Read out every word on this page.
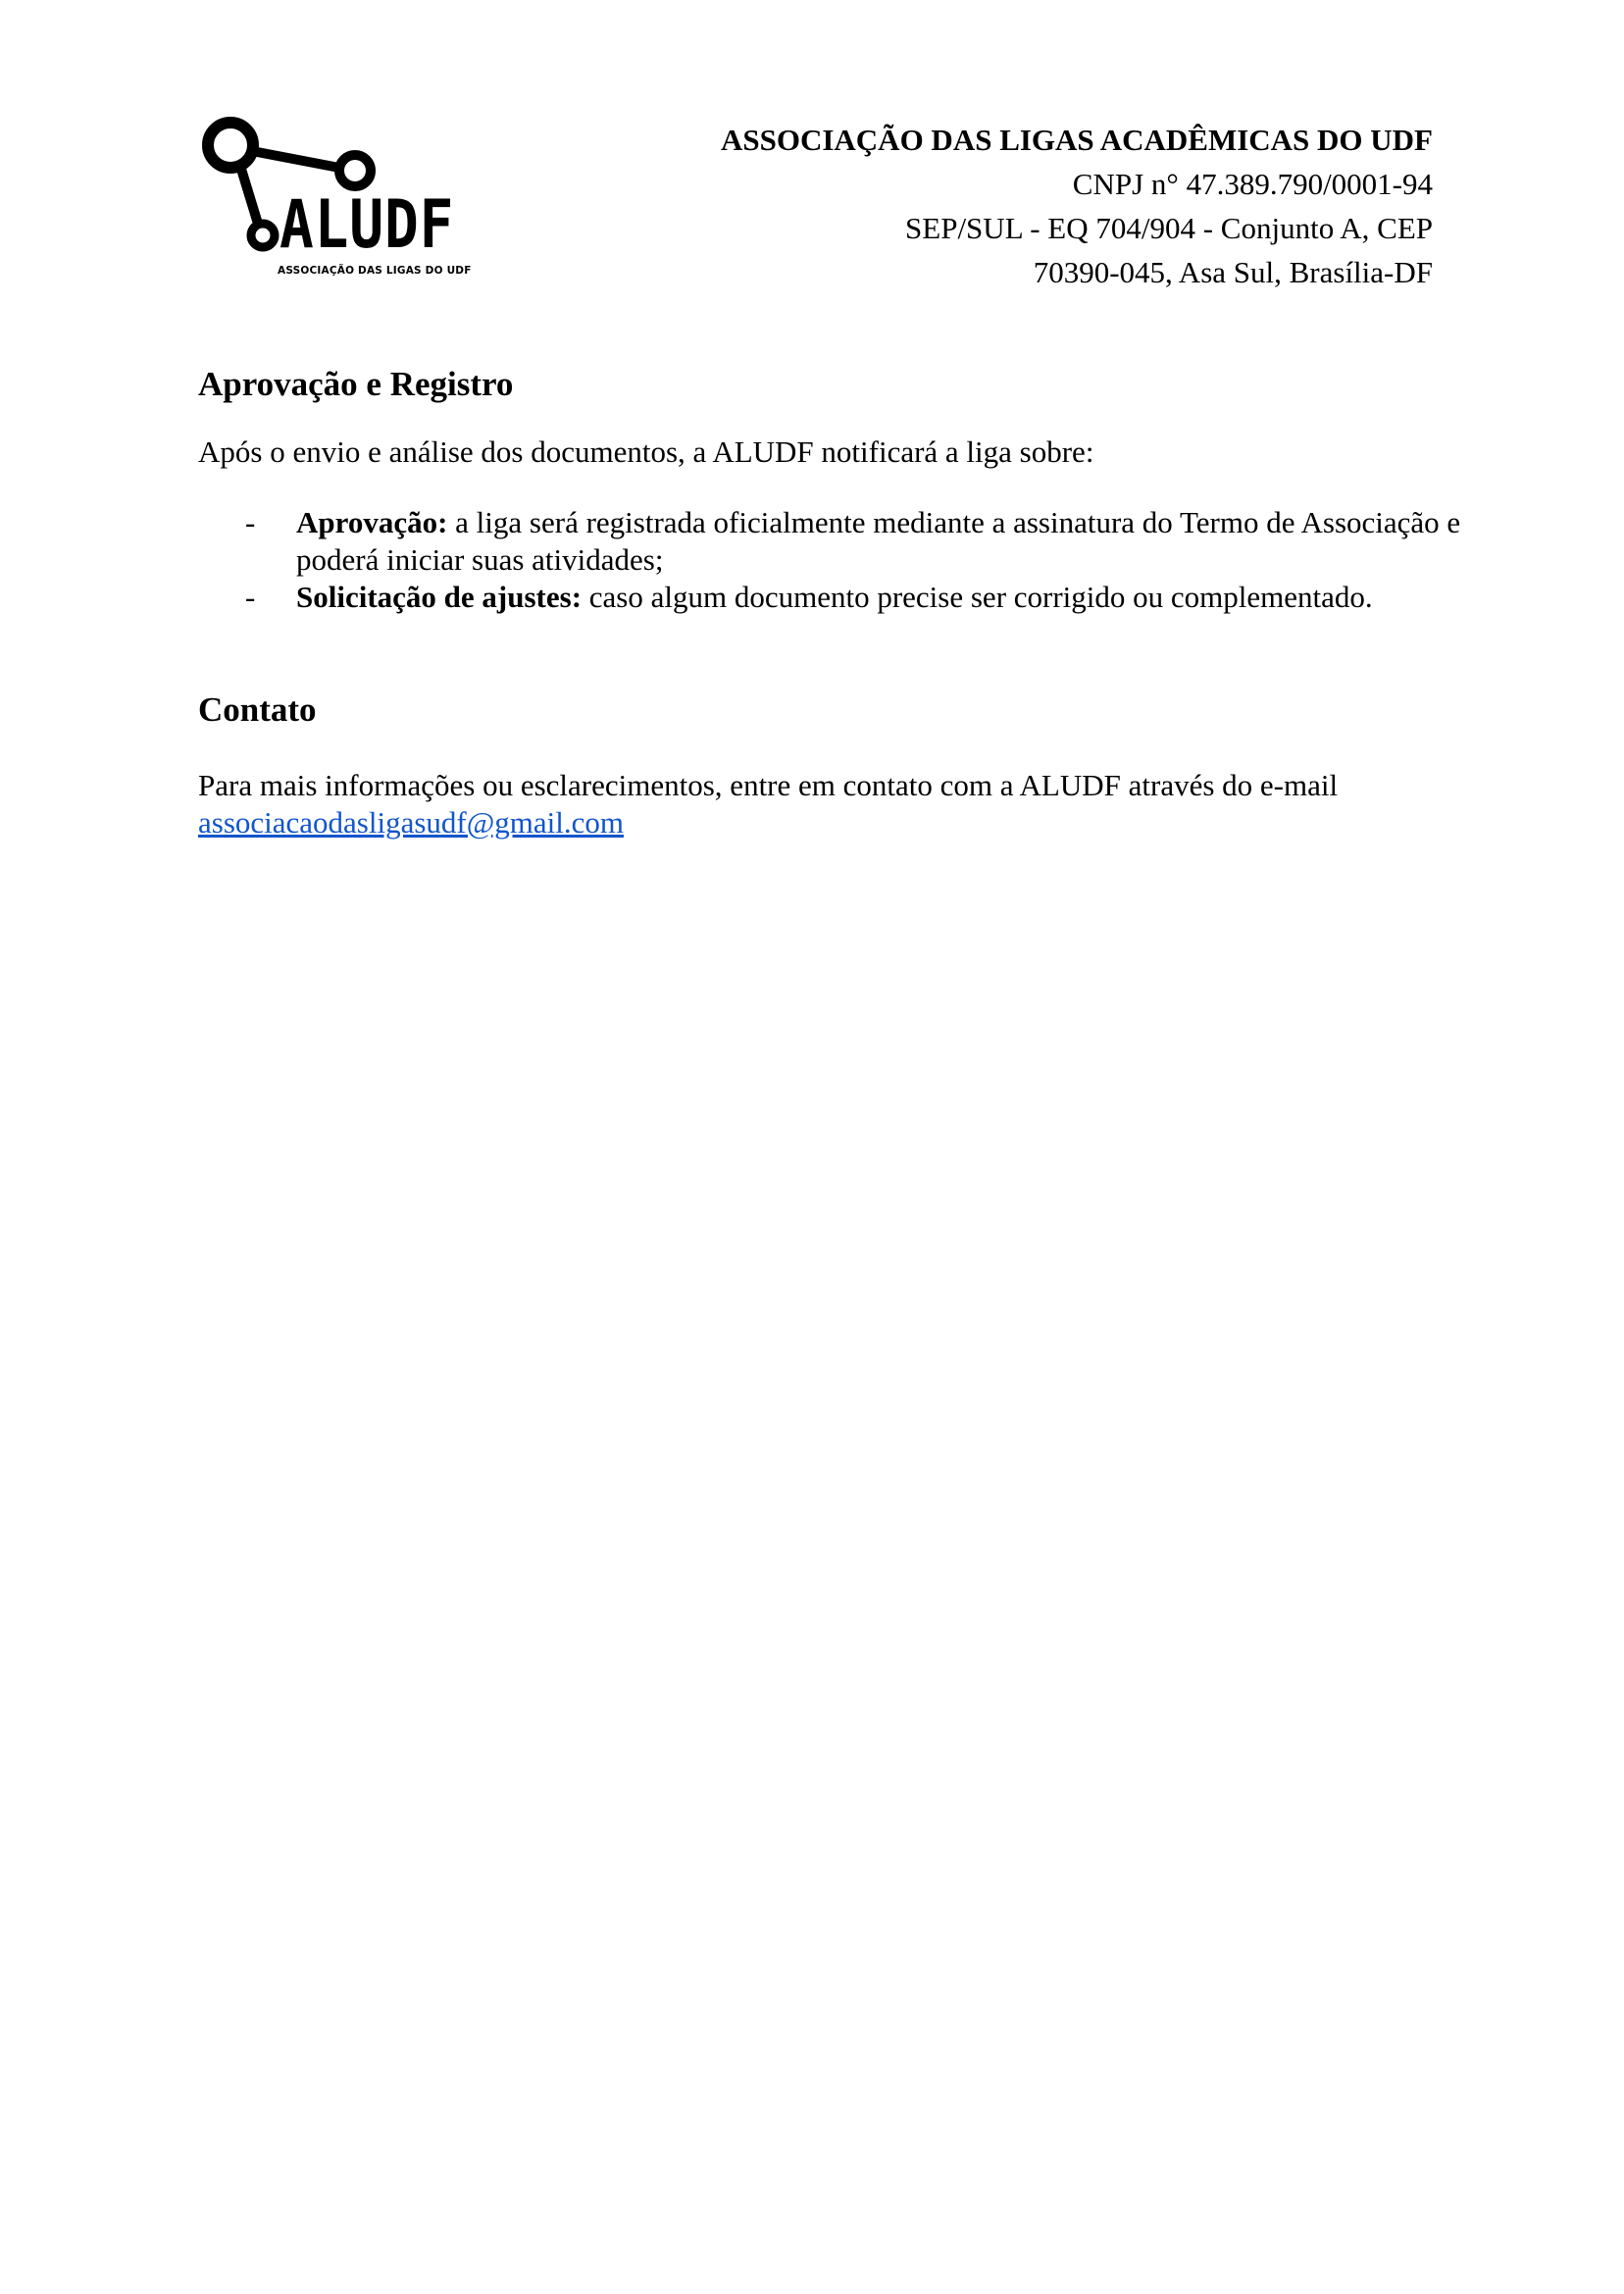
ALUDF
ASSOCIAÇÃO DAS LIGAS DO UDF
ASSOCIAÇÃO DAS LIGAS ACADÊMICAS DO UDF
CNPJ n° 47.389.790/0001-94
SEP/SUL - EQ 704/904 - Conjunto A, CEP
70390-045, Asa Sul, Brasília-DF
Aprovação e Registro

Após o envio e análise dos documentos, a ALUDF notificará a liga sobre:

- Aprovação: a liga será registrada oficialmente mediante a assinatura do Termo de Associação e poderá iniciar suas atividades;
- Solicitação de ajustes: caso algum documento precise ser corrigido ou complementado.
Contato

Para mais informações ou esclarecimentos, entre em contato com a ALUDF através do e-mail
associacaodasligasudf@gmail.com
